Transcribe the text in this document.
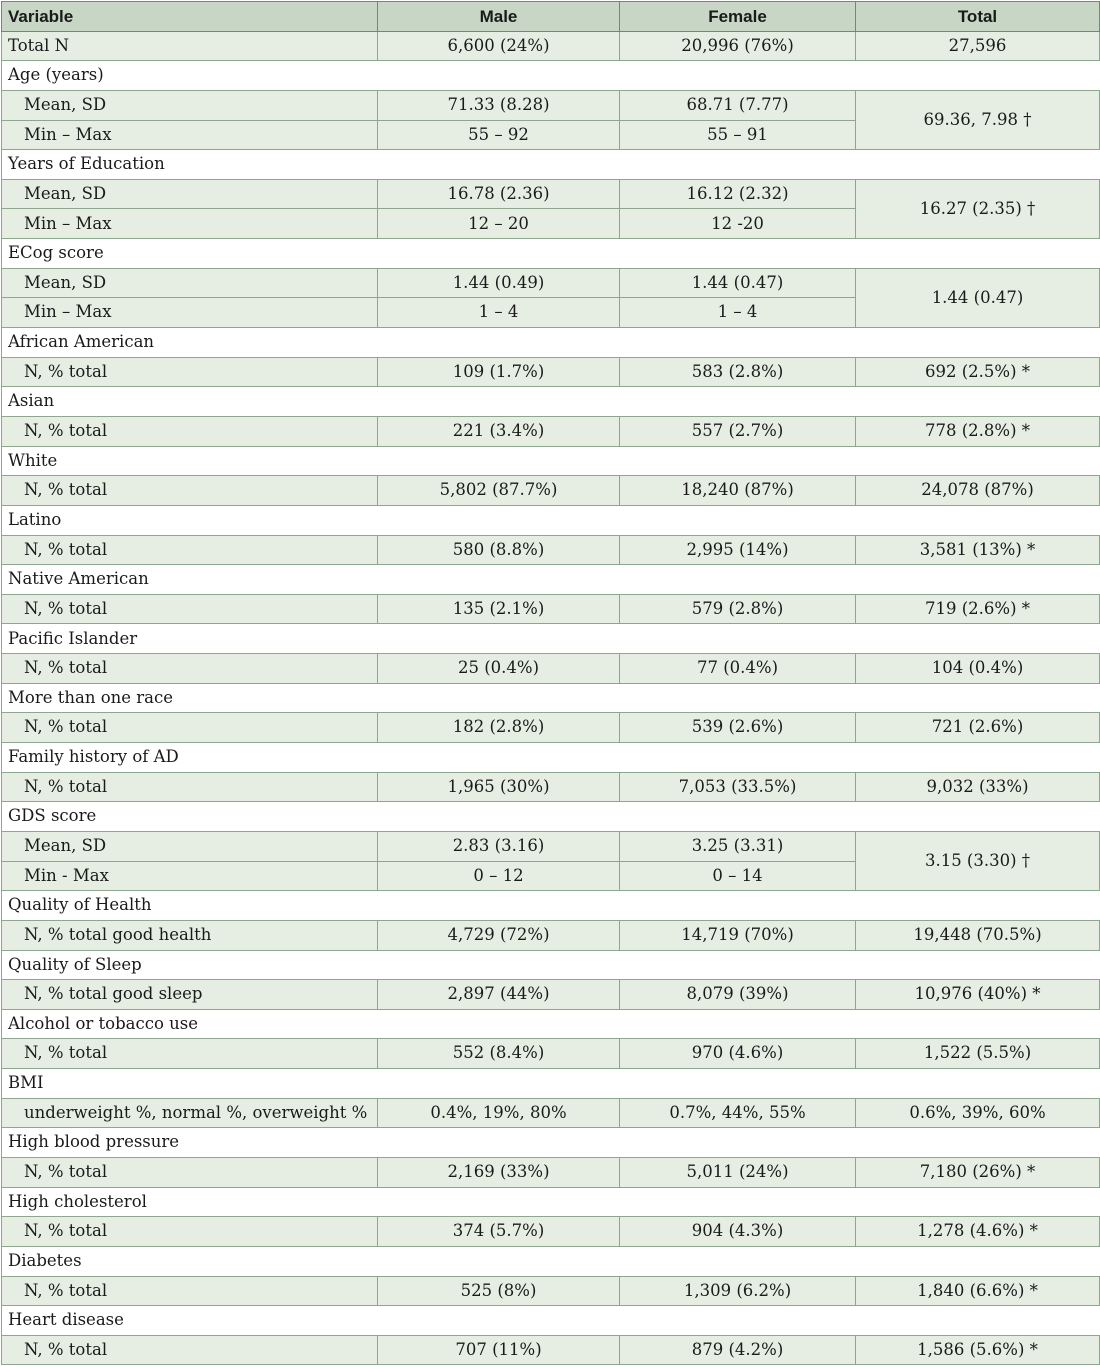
Variable	Male	Female	Total
Total N	6,600 (24%)	20,996 (76%)	27,596
Age (years)			
Mean, SD	71.33 (8.28)	68.71 (7.77)	69.36, 7.98 †
Min – Max	55 – 92	55 – 91	
Years of Education			
Mean, SD	16.78 (2.36)	16.12 (2.32)	16.27 (2.35) †
Min – Max	12 – 20	12 -20	
ECog score			
Mean, SD	1.44 (0.49)	1.44 (0.47)	1.44 (0.47)
Min – Max	1 – 4	1 – 4	
African American			
N, % total	109 (1.7%)	583 (2.8%)	692 (2.5%) *
Asian			
N, % total	221 (3.4%)	557 (2.7%)	778 (2.8%) *
White			
N, % total	5,802 (87.7%)	18,240 (87%)	24,078 (87%)
Latino			
N, % total	580 (8.8%)	2,995 (14%)	3,581 (13%) *
Native American			
N, % total	135 (2.1%)	579 (2.8%)	719 (2.6%) *
Pacific Islander			
N, % total	25 (0.4%)	77 (0.4%)	104 (0.4%)
More than one race			
N, % total	182 (2.8%)	539 (2.6%)	721 (2.6%)
Family history of AD			
N, % total	1,965 (30%)	7,053 (33.5%)	9,032 (33%)
GDS score			
Mean, SD	2.83 (3.16)	3.25 (3.31)	3.15 (3.30) †
Min - Max	0 – 12	0 – 14	
Quality of Health			
N, % total good health	4,729 (72%)	14,719 (70%)	19,448 (70.5%)
Quality of Sleep			
N, % total good sleep	2,897 (44%)	8,079 (39%)	10,976 (40%) *
Alcohol or tobacco use			
N, % total	552 (8.4%)	970 (4.6%)	1,522 (5.5%)
BMI			
underweight %, normal %, overweight %	0.4%, 19%, 80%	0.7%, 44%, 55%	0.6%, 39%, 60%
High blood pressure			
N, % total	2,169 (33%)	5,011 (24%)	7,180 (26%) *
High cholesterol			
N, % total	374 (5.7%)	904 (4.3%)	1,278 (4.6%) *
Diabetes			
N, % total	525 (8%)	1,309 (6.2%)	1,840 (6.6%) *
Heart disease			
N, % total	707 (11%)	879 (4.2%)	1,586 (5.6%) *
